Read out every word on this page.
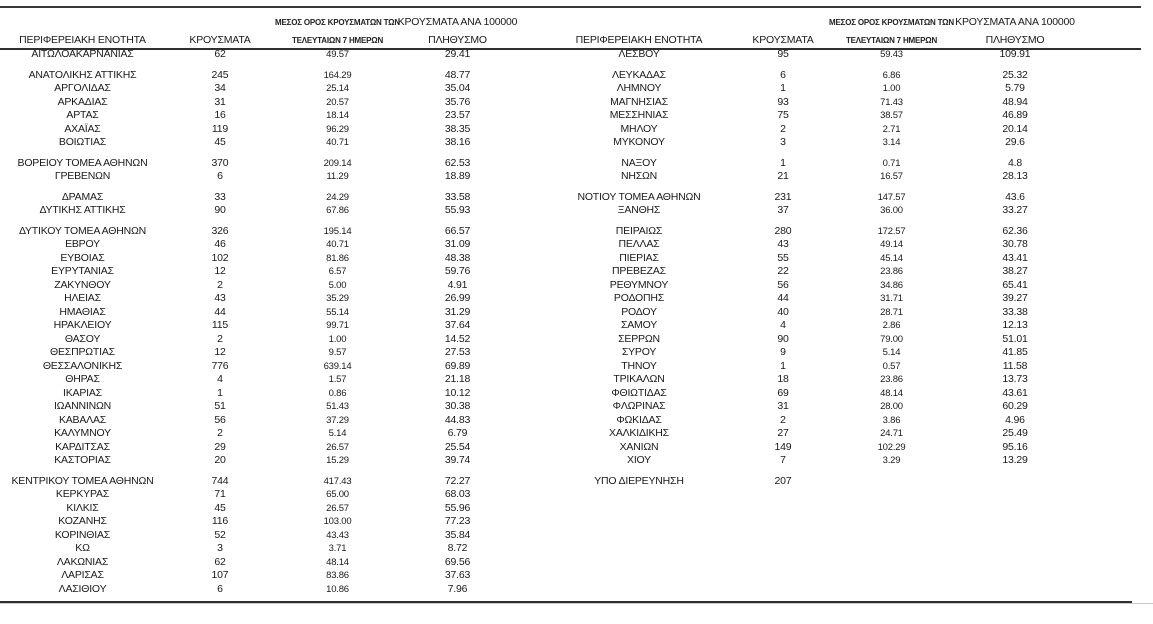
ΠΕΡΙΦΕΡΕΙΑΚΗ ΕΝΟΤΗΤΑ	ΚΡΟΥΣΜΑΤΑ	ΜΕΣΟΣ ΟΡΟΣ ΚΡΟΥΣΜΑΤΩΝ ΤΩΝ
ΤΕΛΕΥΤΑΙΩΝ 7 ΗΜΕΡΩΝ	ΚΡΟΥΣΜΑΤΑ ΑΝΑ 100000
ΠΛΗΘΥΣΜΟ		ΠΕΡΙΦΕΡΕΙΑΚΗ ΕΝΟΤΗΤΑ	ΚΡΟΥΣΜΑΤΑ	ΜΕΣΟΣ ΟΡΟΣ ΚΡΟΥΣΜΑΤΩΝ ΤΩΝ
ΤΕΛΕΥΤΑΙΩΝ 7 ΗΜΕΡΩΝ	ΚΡΟΥΣΜΑΤΑ ΑΝΑ 100000
ΠΛΗΘΥΣΜΟ	

ΑΙΤΩΛΟΑΚΑΡΝΑΝΙΑΣ	62	49.57	29.41		ΛΕΣΒΟΥ	95	59.43	109.91	

ΑΝΑΤΟΛΙΚΗΣ ΑΤΤΙΚΗΣ	245	164.29	48.77		ΛΕΥΚΑΔΑΣ	6	6.86	25.32	
ΑΡΓΟΛΙΔΑΣ	34	25.14	35.04		ΛΗΜΝΟΥ	1	1.00	5.79	
ΑΡΚΑΔΙΑΣ	31	20.57	35.76		ΜΑΓΝΗΣΙΑΣ	93	71.43	48.94	
ΑΡΤΑΣ	16	18.14	23.57		ΜΕΣΣΗΝΙΑΣ	75	38.57	46.89	
ΑΧΑΪΑΣ	119	96.29	38.35		ΜΗΛΟΥ	2	2.71	20.14	
ΒΟΙΩΤΙΑΣ	45	40.71	38.16		ΜΥΚΟΝΟΥ	3	3.14	29.6	

ΒΟΡΕΙΟΥ ΤΟΜΕΑ ΑΘΗΝΩΝ	370	209.14	62.53		ΝΑΞΟΥ	1	0.71	4.8	
ΓΡΕΒΕΝΩΝ	6	11.29	18.89		ΝΗΣΩΝ	21	16.57	28.13	

ΔΡΑΜΑΣ	33	24.29	33.58		ΝΟΤΙΟΥ ΤΟΜΕΑ ΑΘΗΝΩΝ	231	147.57	43.6	
ΔΥΤΙΚΗΣ ΑΤΤΙΚΗΣ	90	67.86	55.93		ΞΑΝΘΗΣ	37	36.00	33.27	

ΔΥΤΙΚΟΥ ΤΟΜΕΑ ΑΘΗΝΩΝ	326	195.14	66.57		ΠΕΙΡΑΙΩΣ	280	172.57	62.36	
ΕΒΡΟΥ	46	40.71	31.09		ΠΕΛΛΑΣ	43	49.14	30.78	
ΕΥΒΟΙΑΣ	102	81.86	48.38		ΠΙΕΡΙΑΣ	55	45.14	43.41	
ΕΥΡΥΤΑΝΙΑΣ	12	6.57	59.76		ΠΡΕΒΕΖΑΣ	22	23.86	38.27	
ΖΑΚΥΝΘΟΥ	2	5.00	4.91		ΡΕΘΥΜΝΟΥ	56	34.86	65.41	
ΗΛΕΙΑΣ	43	35.29	26.99		ΡΟΔΟΠΗΣ	44	31.71	39.27	
ΗΜΑΘΙΑΣ	44	55.14	31.29		ΡΟΔΟΥ	40	28.71	33.38	
ΗΡΑΚΛΕΙΟΥ	115	99.71	37.64		ΣΑΜΟΥ	4	2.86	12.13	
ΘΑΣΟΥ	2	1.00	14.52		ΣΕΡΡΩΝ	90	79.00	51.01	
ΘΕΣΠΡΩΤΙΑΣ	12	9.57	27.53		ΣΥΡΟΥ	9	5.14	41.85	
ΘΕΣΣΑΛΟΝΙΚΗΣ	776	639.14	69.89		ΤΗΝΟΥ	1	0.57	11.58	
ΘΗΡΑΣ	4	1.57	21.18		ΤΡΙΚΑΛΩΝ	18	23.86	13.73	
ΙΚΑΡΙΑΣ	1	0.86	10.12		ΦΘΙΩΤΙΔΑΣ	69	48.14	43.61	
ΙΩΑΝΝΙΝΩΝ	51	51.43	30.38		ΦΛΩΡΙΝΑΣ	31	28.00	60.29	
ΚΑΒΑΛΑΣ	56	37.29	44.83		ΦΩΚΙΔΑΣ	2	3.86	4.96	
ΚΑΛΥΜΝΟΥ	2	5.14	6.79		ΧΑΛΚΙΔΙΚΗΣ	27	24.71	25.49	
ΚΑΡΔΙΤΣΑΣ	29	26.57	25.54		ΧΑΝΙΩΝ	149	102.29	95.16	
ΚΑΣΤΟΡΙΑΣ	20	15.29	39.74		ΧΙΟΥ	7	3.29	13.29	

ΚΕΝΤΡΙΚΟΥ ΤΟΜΕΑ ΑΘΗΝΩΝ	744	417.43	72.27		ΥΠΟ ΔΙΕΡΕΥΝΗΣΗ	207			
ΚΕΡΚΥΡΑΣ	71	65.00	68.03						
ΚΙΛΚΙΣ	45	26.57	55.96						
ΚΟΖΑΝΗΣ	116	103.00	77.23						
ΚΟΡΙΝΘΙΑΣ	52	43.43	35.84						
ΚΩ	3	3.71	8.72						
ΛΑΚΩΝΙΑΣ	62	48.14	69.56						
ΛΑΡΙΣΑΣ	107	83.86	37.63						
ΛΑΣΙΘΙΟΥ	6	10.86	7.96						
